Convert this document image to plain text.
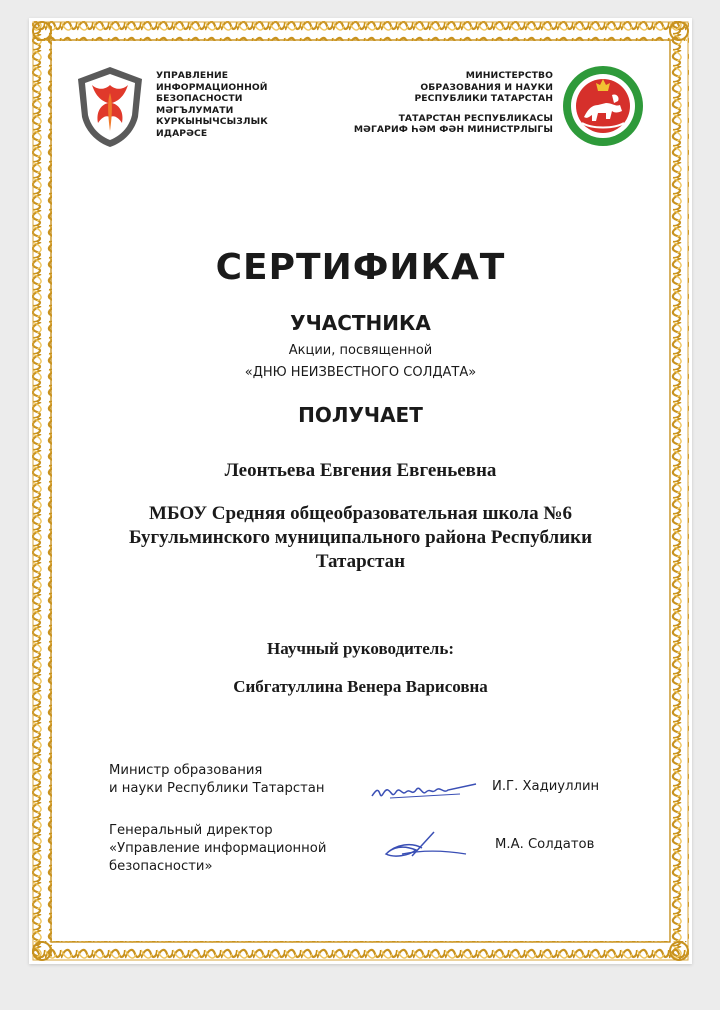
УПРАВЛЕНИЕ
ИНФОРМАЦИОННОЙ
БЕЗОПАСНОСТИ
МӘГЪЛУМАТИ
КУРКЫНЫЧСЫЗЛЫК
ИДАРӘСЕ
МИНИСТЕРСТВО
ОБРАЗОВАНИЯ И НАУКИ
РЕСПУБЛИКИ ТАТАРСТАН
ТАТАРСТАН РЕСПУБЛИКАСЫ
МӘГАРИФ ҺӘМ ФӘН МИНИСТРЛЫГЫ
СЕРТИФИКАТ
УЧАСТНИКА
Акции, посвященной
«ДНЮ НЕИЗВЕСТНОГО СОЛДАТА»
ПОЛУЧАЕТ
Леонтьева Евгения Евгеньевна
МБОУ Средняя общеобразовательная школа №6
Бугульминского муниципального района Республики
Татарстан
Научный руководитель:
Сибгатуллина Венера Варисовна
Министр образования
и науки Республики Татарстан	И.Г. Хадиуллин
Генеральный директор
«Управление информационной
безопасности»
М.А. Солдатов
